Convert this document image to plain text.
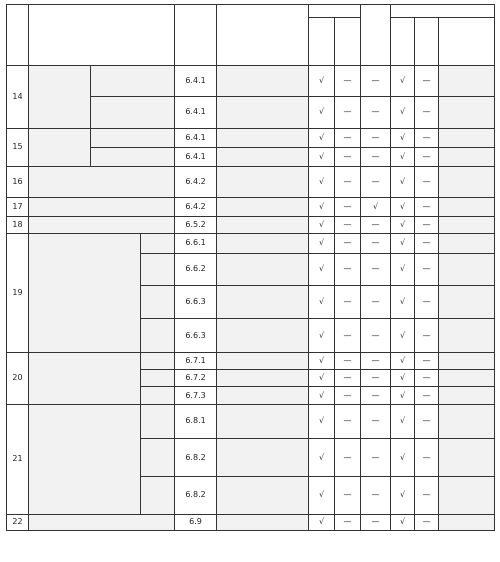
14				6.4.1		√	—	—	√	—	
				6.4.1		√	—	—	√	—	
15				6.4.1		√	—	—	√	—	
				6.4.1		√	—	—	√	—	
16				6.4.2		√	—	—	√	—	
17				6.4.2		√	—	√	√	—	
18				6.5.2		√	—	—	√	—	
19				6.6.1		√	—	—	√	—	
				6.6.2		√	—	—	√	—	
				6.6.3		√	—	—	√	—	
				6.6.3		√	—	—	√	—	
20				6.7.1		√	—	—	√	—	
				6.7.2		√	—	—	√	—	
				6.7.3		√	—	—	√	—	
21				6.8.1		√	—	—	√	—	
				6.8.2		√	—	—	√	—	
				6.8.2		√	—	—	√	—	
22				6.9		√	—	—	√	—	
